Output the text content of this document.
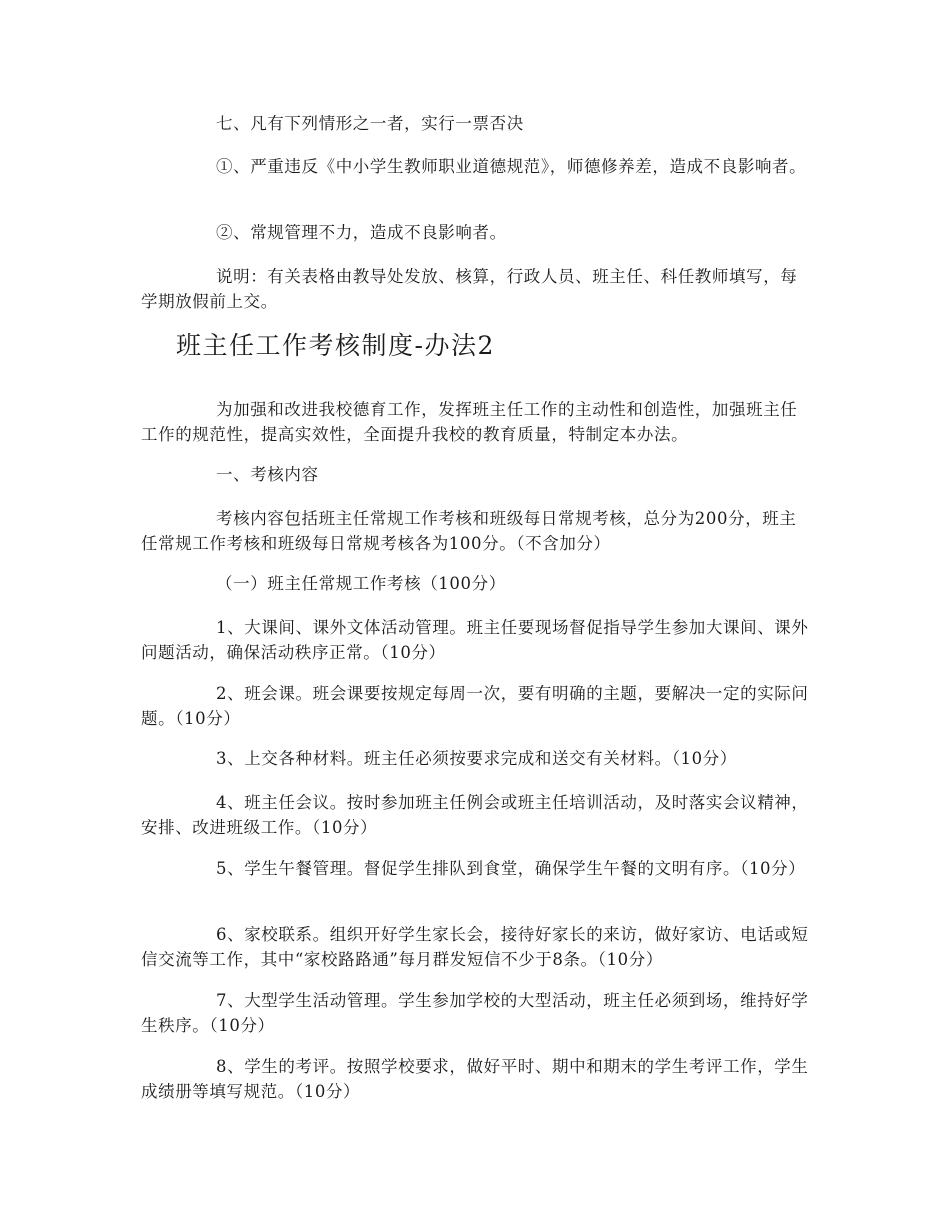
七、凡有下列情形之一者，实行一票否决

①、严重违反《中小学生教师职业道德规范》，师德修养差，造成不良影响者。

②、常规管理不力，造成不良影响者。

说明：有关表格由教导处发放、核算，行政人员、班主任、科任教师填写，每学期放假前上交。

班主任工作考核制度-办法2

为加强和改进我校德育工作，发挥班主任工作的主动性和创造性，加强班主任工作的规范性，提高实效性，全面提升我校的教育质量，特制定本办法。

一、考核内容

考核内容包括班主任常规工作考核和班级每日常规考核，总分为200分，班主任常规工作考核和班级每日常规考核各为100分。（不含加分）

（一）班主任常规工作考核（100分）

1、大课间、课外文体活动管理。班主任要现场督促指导学生参加大课间、课外问题活动，确保活动秩序正常。（10分）

2、班会课。班会课要按规定每周一次，要有明确的主题，要解决一定的实际问题。（10分）

3、上交各种材料。班主任必须按要求完成和送交有关材料。（10分）

4、班主任会议。按时参加班主任例会或班主任培训活动，及时落实会议精神，安排、改进班级工作。（10分）

5、学生午餐管理。督促学生排队到食堂，确保学生午餐的文明有序。（10分）

6、家校联系。组织开好学生家长会，接待好家长的来访，做好家访、电话或短信交流等工作，其中“家校路路通”每月群发短信不少于8条。（10分）

7、大型学生活动管理。学生参加学校的大型活动，班主任必须到场，维持好学生秩序。（10分）

8、学生的考评。按照学校要求，做好平时、期中和期末的学生考评工作，学生成绩册等填写规范。（10分）
